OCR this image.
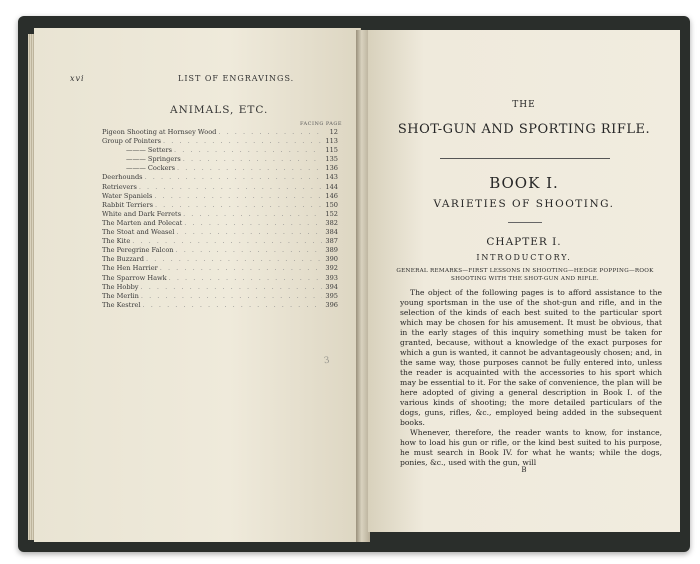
xvi	LIST OF ENGRAVINGS.
ANIMALS, ETC.
FACING PAGE
Pigeon Shooting at Hornsey Wood . . .	12
Group of Pointers . . .	113
——— Setters . . .	115
——— Springers . . .	135
——— Cockers . . .	136
Deerhounds . . .	143
Retrievers . . .	144
Water Spaniels . . .	146
Rabbit Terriers . . .	150
White and Dark Ferrets . . .	152
The Marten and Polecat . . .	382
The Stoat and Weasel . . .	384
The Kite . . .	387
The Peregrine Falcon . . .	389
The Buzzard . . .	390
The Hen Harrier . . .	392
The Sparrow Hawk . . .	393
The Hobby . . .	394
The Merlin . . .	395
The Kestrel . . .	396
3
THE
SHOT-GUN AND SPORTING RIFLE.
BOOK I.
VARIETIES OF SHOOTING.
CHAPTER I.
INTRODUCTORY.
GENERAL REMARKS—FIRST LESSONS IN SHOOTING—HEDGE POPPING—ROOK SHOOTING WITH THE SHOT-GUN AND RIFLE.

The object of the following pages is to afford assistance to the young sportsman in the use of the shot-gun and rifle, and in the selection of the kinds of each best suited to the particular sport which may be chosen for his amusement. It must be obvious, that in the early stages of this inquiry something must be taken for granted, because, without a knowledge of the exact purposes for which a gun is wanted, it cannot be advantageously chosen; and, in the same way, those purposes cannot be fully entered into, unless the reader is acquainted with the accessories to his sport which may be essential to it. For the sake of convenience, the plan will be here adopted of giving a general description in Book I. of the various kinds of shooting; the more detailed particulars of the dogs, guns, rifles, &c., employed being added in the subsequent books.

Whenever, therefore, the reader wants to know, for instance, how to load his gun or rifle, or the kind best suited to his purpose, he must search in Book IV. for what he wants; while the dogs, ponies, &c., used with the gun, will

B
